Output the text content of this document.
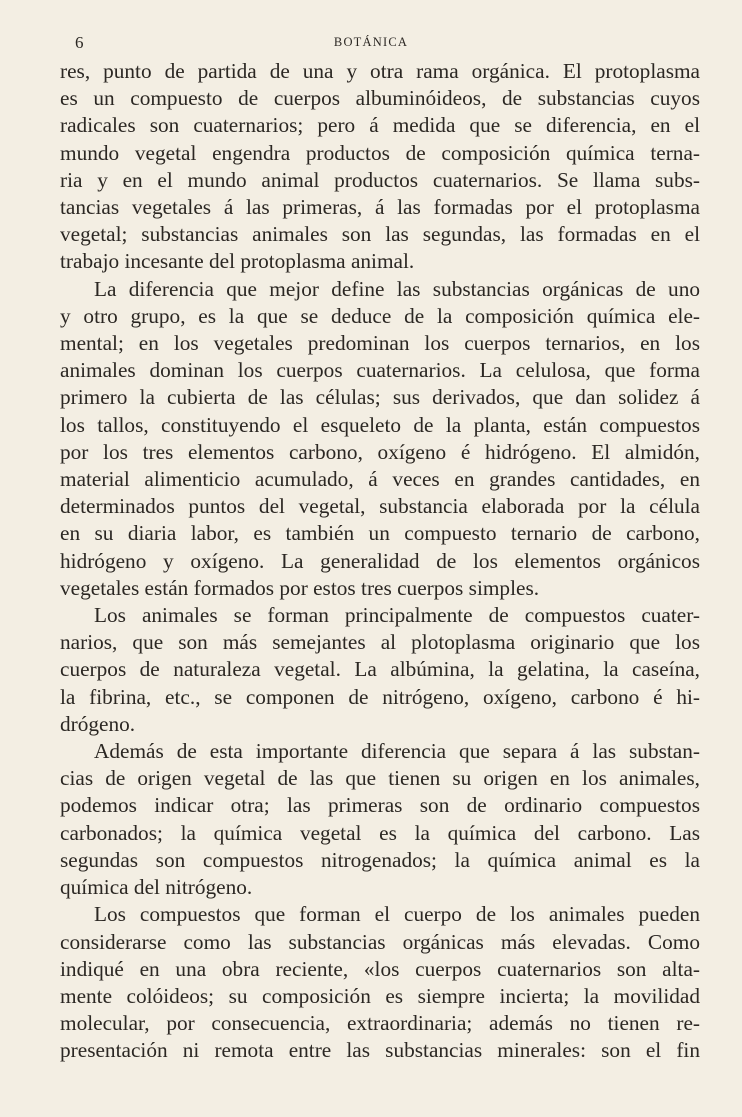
6	BOTÁNICA

res, punto de partida de una y otra rama orgánica. El protoplasma
es un compuesto de cuerpos albuminóideos, de substancias cuyos
radicales son cuaternarios; pero á medida que se diferencia, en el
mundo vegetal engendra productos de composición química terna-
ria y en el mundo animal productos cuaternarios. Se llama subs-
tancias vegetales á las primeras, á las formadas por el protoplasma
vegetal; substancias animales son las segundas, las formadas en el
trabajo incesante del protoplasma animal.

La diferencia que mejor define las substancias orgánicas de uno
y otro grupo, es la que se deduce de la composición química ele-
mental; en los vegetales predominan los cuerpos ternarios, en los
animales dominan los cuerpos cuaternarios. La celulosa, que forma
primero la cubierta de las células; sus derivados, que dan solidez á
los tallos, constituyendo el esqueleto de la planta, están compuestos
por los tres elementos carbono, oxígeno é hidrógeno. El almidón,
material alimenticio acumulado, á veces en grandes cantidades, en
determinados puntos del vegetal, substancia elaborada por la célula
en su diaria labor, es también un compuesto ternario de carbono,
hidrógeno y oxígeno. La generalidad de los elementos orgánicos
vegetales están formados por estos tres cuerpos simples.

Los animales se forman principalmente de compuestos cuater-
narios, que son más semejantes al plotoplasma originario que los
cuerpos de naturaleza vegetal. La albúmina, la gelatina, la caseína,
la fibrina, etc., se componen de nitrógeno, oxígeno, carbono é hi-
drógeno.

Además de esta importante diferencia que separa á las substan-
cias de origen vegetal de las que tienen su origen en los animales,
podemos indicar otra; las primeras son de ordinario compuestos
carbonados; la química vegetal es la química del carbono. Las
segundas son compuestos nitrogenados; la química animal es la
química del nitrógeno.

Los compuestos que forman el cuerpo de los animales pueden
considerarse como las substancias orgánicas más elevadas. Como
indiqué en una obra reciente, «los cuerpos cuaternarios son alta-
mente colóideos; su composición es siempre incierta; la movilidad
molecular, por consecuencia, extraordinaria; además no tienen re-
presentación ni remota entre las substancias minerales: son el fin
